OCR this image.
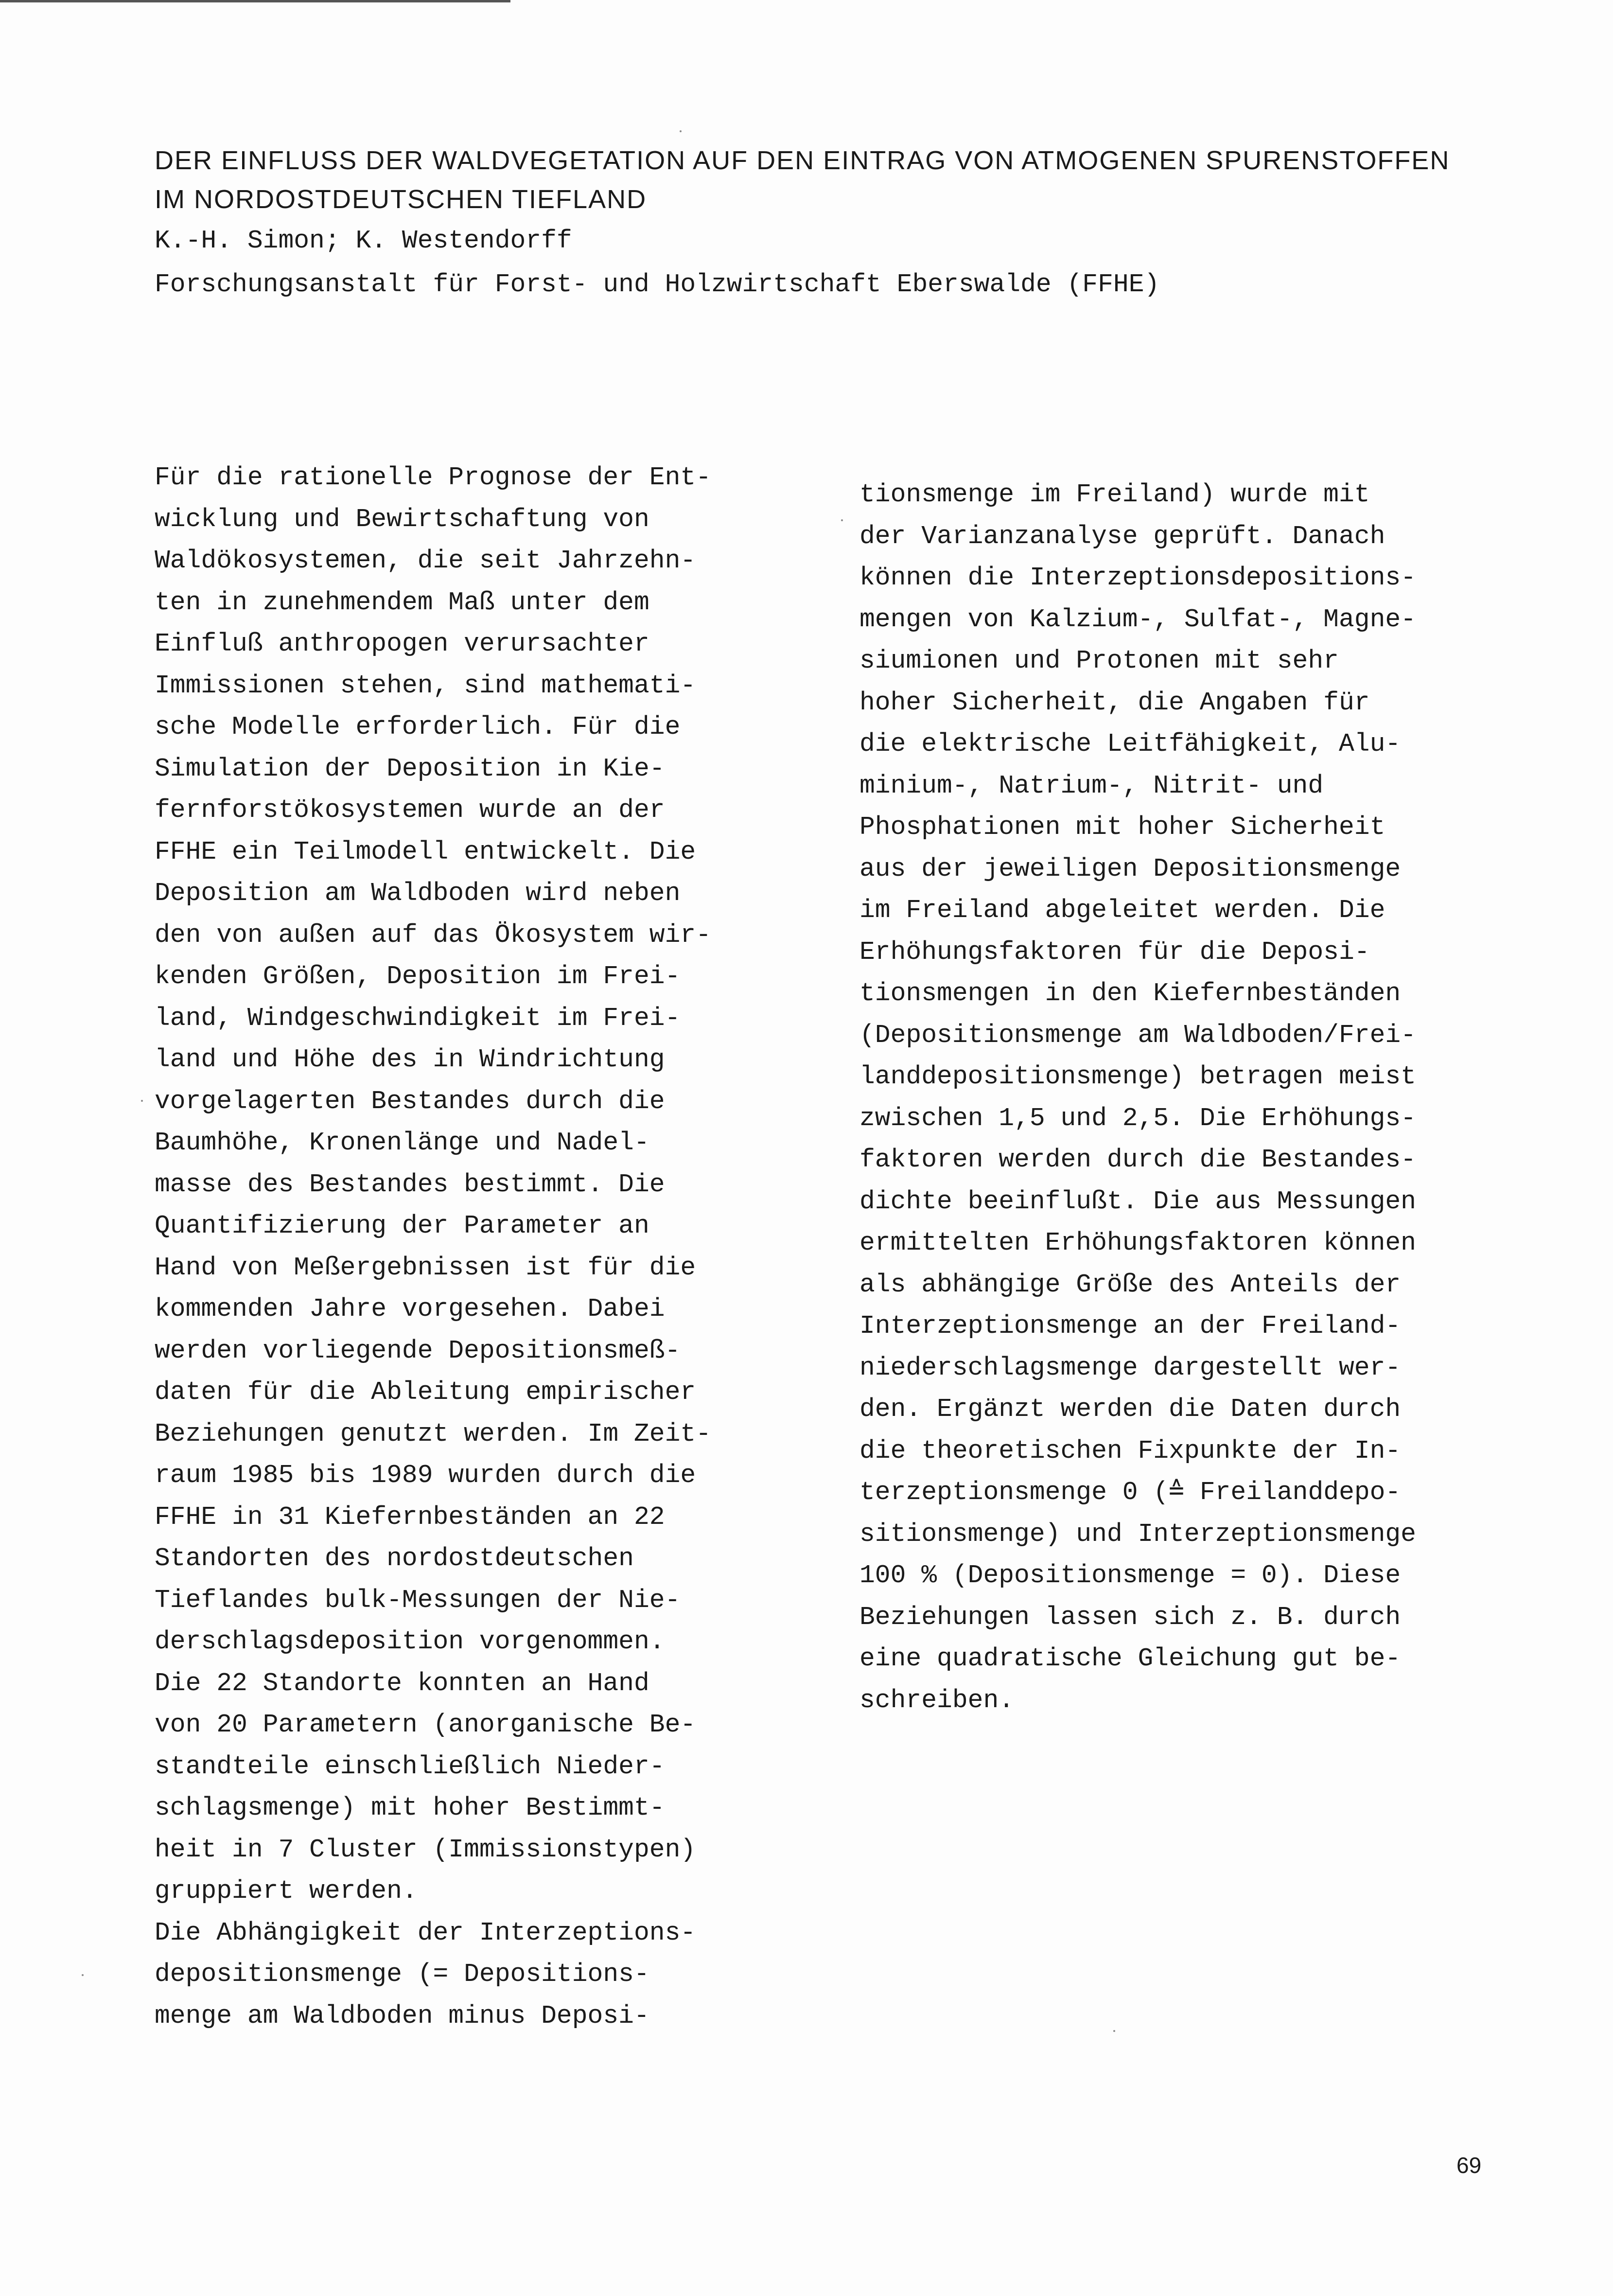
DER EINFLUSS DER WALDVEGETATION AUF DEN EINTRAG VON ATMOGENEN SPURENSTOFFEN
IM NORDOSTDEUTSCHEN TIEFLAND
K.-H. Simon; K. Westendorff
Forschungsanstalt für Forst- und Holzwirtschaft Eberswalde (FFHE)
Für die rationelle Prognose der Ent-
wicklung und Bewirtschaftung von
Waldökosystemen, die seit Jahrzehn-
ten in zunehmendem Maß unter dem
Einfluß anthropogen verursachter
Immissionen stehen, sind mathemati-
sche Modelle erforderlich. Für die
Simulation der Deposition in Kie-
fernforstökosystemen wurde an der
FFHE ein Teilmodell entwickelt. Die
Deposition am Waldboden wird neben
den von außen auf das Ökosystem wir-
kenden Größen, Deposition im Frei-
land, Windgeschwindigkeit im Frei-
land und Höhe des in Windrichtung
vorgelagerten Bestandes durch die
Baumhöhe, Kronenlänge und Nadel-
masse des Bestandes bestimmt. Die
Quantifizierung der Parameter an
Hand von Meßergebnissen ist für die
kommenden Jahre vorgesehen. Dabei
werden vorliegende Depositionsmeß-
daten für die Ableitung empirischer
Beziehungen genutzt werden. Im Zeit-
raum 1985 bis 1989 wurden durch die
FFHE in 31 Kiefernbeständen an 22
Standorten des nordostdeutschen
Tieflandes bulk-Messungen der Nie-
derschlagsdeposition vorgenommen.
Die 22 Standorte konnten an Hand
von 20 Parametern (anorganische Be-
standteile einschließlich Nieder-
schlagsmenge) mit hoher Bestimmt-
heit in 7 Cluster (Immissionstypen)
gruppiert werden.
Die Abhängigkeit der Interzeptions-
depositionsmenge (= Depositions-
menge am Waldboden minus Deposi-
tionsmenge im Freiland) wurde mit
der Varianzanalyse geprüft. Danach
können die Interzeptionsdepositions-
mengen von Kalzium-, Sulfat-, Magne-
siumionen und Protonen mit sehr
hoher Sicherheit, die Angaben für
die elektrische Leitfähigkeit, Alu-
minium-, Natrium-, Nitrit- und
Phosphationen mit hoher Sicherheit
aus der jeweiligen Depositionsmenge
im Freiland abgeleitet werden. Die
Erhöhungsfaktoren für die Deposi-
tionsmengen in den Kiefernbeständen
(Depositionsmenge am Waldboden/Frei-
landdepositionsmenge) betragen meist
zwischen 1,5 und 2,5. Die Erhöhungs-
faktoren werden durch die Bestandes-
dichte beeinflußt. Die aus Messungen
ermittelten Erhöhungsfaktoren können
als abhängige Größe des Anteils der
Interzeptionsmenge an der Freiland-
niederschlagsmenge dargestellt wer-
den. Ergänzt werden die Daten durch
die theoretischen Fixpunkte der In-
terzeptionsmenge 0 (≙ Freilanddepo-
sitionsmenge) und Interzeptionsmenge
100 % (Depositionsmenge = 0). Diese
Beziehungen lassen sich z. B. durch
eine quadratische Gleichung gut be-
schreiben.
69
